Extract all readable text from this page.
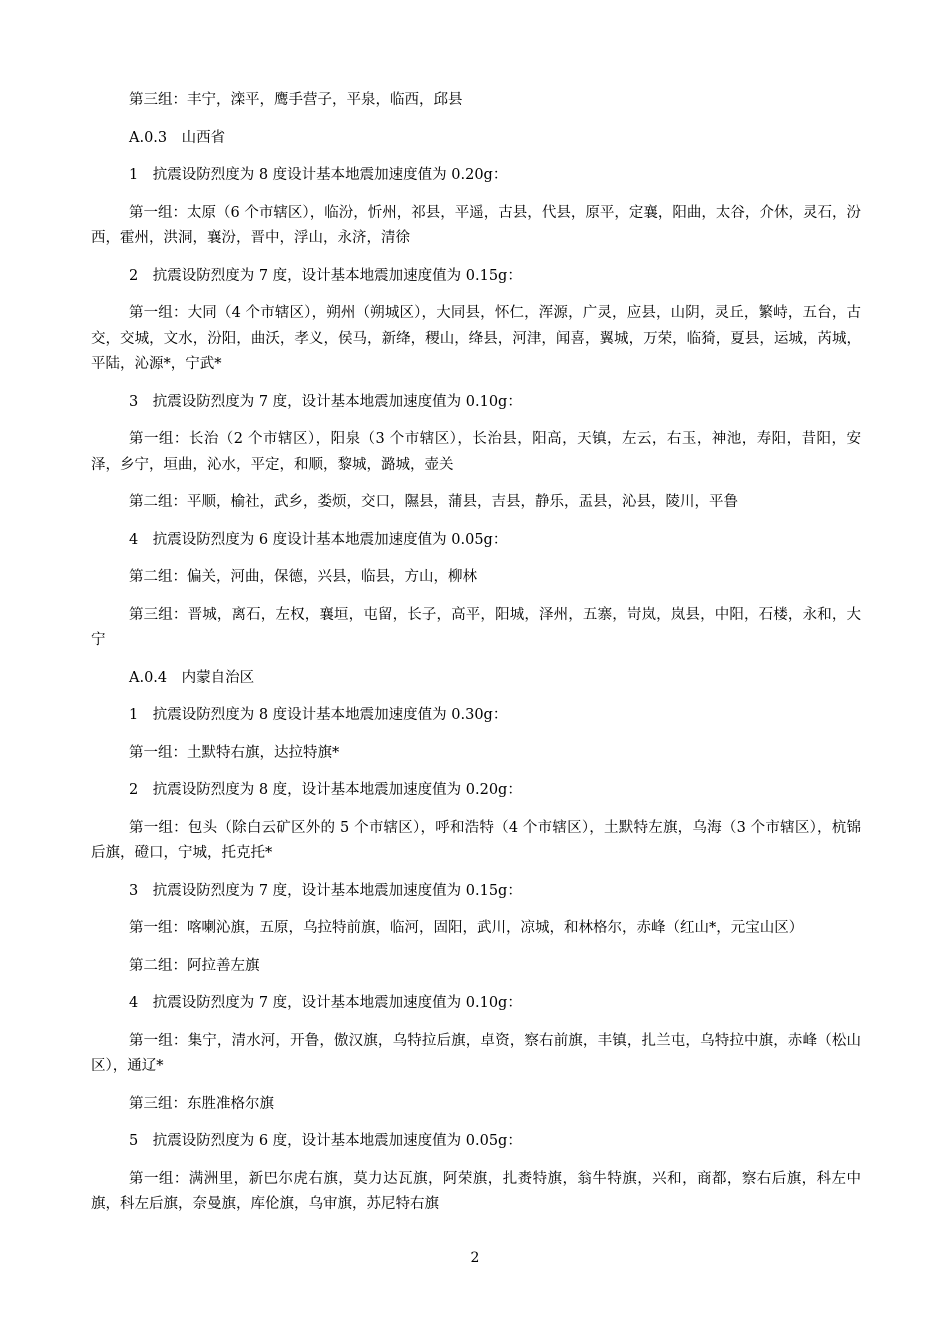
第三组：丰宁，滦平，鹰手营子，平泉，临西，邱县

A.0.3　山西省

1　抗震设防烈度为 8 度设计基本地震加速度值为 0.20g：

第一组：太原（6 个市辖区），临汾，忻州，祁县，平遥，古县，代县，原平，定襄，阳曲，太谷，介休，灵石，汾西，霍州，洪洞，襄汾，晋中，浮山，永济，清徐

2　抗震设防烈度为 7 度，设计基本地震加速度值为 0.15g：

第一组：大同（4 个市辖区），朔州（朔城区），大同县，怀仁，浑源，广灵，应县，山阴，灵丘，繁峙，五台，古交，交城，文水，汾阳，曲沃，孝义，侯马，新绛，稷山，绛县，河津，闻喜，翼城，万荣，临猗，夏县，运城，芮城，平陆，沁源*，宁武*

3　抗震设防烈度为 7 度，设计基本地震加速度值为 0.10g：

第一组：长治（2 个市辖区），阳泉（3 个市辖区），长治县，阳高，天镇，左云，右玉，神池，寿阳，昔阳，安泽，乡宁，垣曲，沁水，平定，和顺，黎城，潞城，壶关

第二组：平顺，榆社，武乡，娄烦，交口，隰县，蒲县，吉县，静乐，盂县，沁县，陵川，平鲁

4　抗震设防烈度为 6 度设计基本地震加速度值为 0.05g：

第二组：偏关，河曲，保德，兴县，临县，方山，柳林

第三组：晋城，离石，左权，襄垣，屯留，长子，高平，阳城，泽州，五寨，岢岚，岚县，中阳，石楼，永和，大宁

A.0.4　内蒙自治区

1　抗震设防烈度为 8 度设计基本地震加速度值为 0.30g：

第一组：土默特右旗，达拉特旗*

2　抗震设防烈度为 8 度，设计基本地震加速度值为 0.20g：

第一组：包头（除白云矿区外的 5 个市辖区），呼和浩特（4 个市辖区），土默特左旗，乌海（3 个市辖区），杭锦后旗，磴口，宁城，托克托*

3　抗震设防烈度为 7 度，设计基本地震加速度值为 0.15g：

第一组：喀喇沁旗，五原，乌拉特前旗，临河，固阳，武川，凉城，和林格尔，赤峰（红山*，元宝山区）

第二组：阿拉善左旗

4　抗震设防烈度为 7 度，设计基本地震加速度值为 0.10g：

第一组：集宁，清水河，开鲁，傲汉旗，乌特拉后旗，卓资，察右前旗，丰镇，扎兰屯，乌特拉中旗，赤峰（松山区），通辽*

第三组：东胜准格尔旗

5　抗震设防烈度为 6 度，设计基本地震加速度值为 0.05g：

第一组：满洲里，新巴尔虎右旗，莫力达瓦旗，阿荣旗，扎赉特旗，翁牛特旗，兴和，商都，察右后旗，科左中旗，科左后旗，奈曼旗，库伦旗，乌审旗，苏尼特右旗

2
